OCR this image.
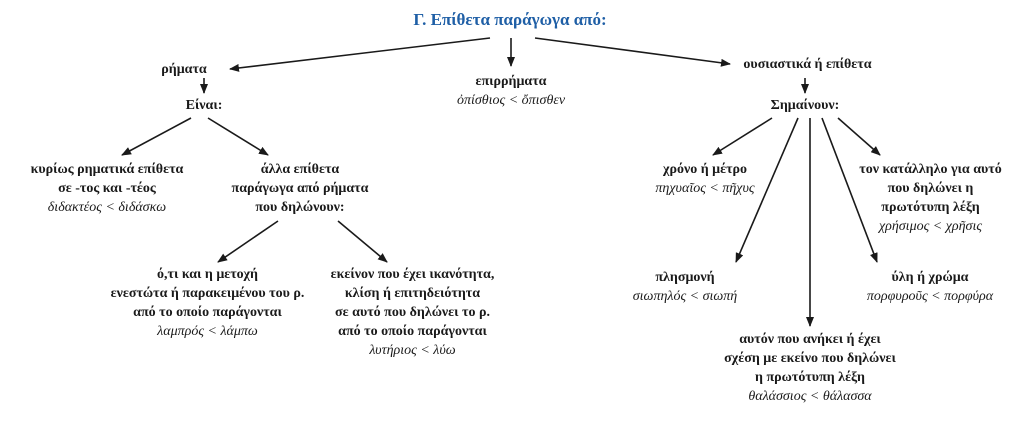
Γ. Επίθετα παράγωγα από:
ρήματα
Είναι:
κυρίως ρηματικά επίθετα
σε -τος και -τέος
διδακτέος < διδάσκω
άλλα επίθετα
παράγωγα από ρήματα
που δηλώνουν:
ό,τι και η μετοχή
ενεστώτα ή παρακειμένου του ρ.
από το οποίο παράγονται
λαμπρός < λάμπω
εκείνον που έχει ικανότητα,
κλίση ή επιτηδειότητα
σε αυτό που δηλώνει το ρ.
από το οποίο παράγονται
λυτήριος < λύω
επιρρήματα
ὀπίσθιος < ὄπισθεν
ουσιαστικά ή επίθετα
Σημαίνουν:
χρόνο ή μέτρο
πηχυαῖος < πῆχυς
τον κατάλληλο για αυτό
που δηλώνει η
πρωτότυπη λέξη
χρήσιμος < χρῆσις
πλησμονή
σιωπηλός < σιωπή
ύλη ή χρώμα
πορφυροῦς < πορφύρα
αυτόν που ανήκει ή έχει
σχέση με εκείνο που δηλώνει
η πρωτότυπη λέξη
θαλάσσιος < θάλασσα
